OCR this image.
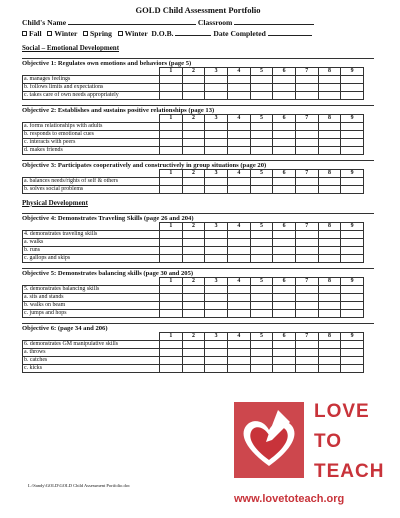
GOLD Child Assessment Portfolio
Child's Name	Classroom
Fall Winter Spring Winter D.O.B.	Date Completed
Social – Emotional Development
Objective 1: Regulates own emotions and behaviors (page 5)
	1	2	3	4	5	6	7	8	9
a. manages feelings									
b. follows limits and expectations									
c. takes care of own needs appropriately									
Objective 2: Establishes and sustains positive relationships (page 13)
	1	2	3	4	5	6	7	8	9
a. forms relationships with adults									
b. responds to emotional cues									
c. interacts with peers									
d. makes friends									
Objective 3: Participates cooperatively and constructively in group situations (page 20)
	1	2	3	4	5	6	7	8	9
a. balances needs/rights of self & others									
b. solves social problems									
Physical Development
Objective 4: Demonstrates Traveling Skills (page 26 and 204)
	1	2	3	4	5	6	7	8	9
4. demonstrates traveling skills									
a. walks									
b. runs									
c. gallops and skips									
Objective 5: Demonstrates balancing skills (page 30 and 205)
	1	2	3	4	5	6	7	8	9
5. demonstrates balancing skills									
a. sits and stands									
b. walks on beam									
c. jumps and hops									
Objective 6: (page 34 and 206)
	1	2	3	4	5	6	7	8	9
6. demonstrates GM manipulative skills									
a. throws									
b. catches									
c. kicks									
L:\Sandy\GOLD\GOLD Child Assessment Portfolio.doc
LOVE
TO
TEACH
www.lovetoteach.org
